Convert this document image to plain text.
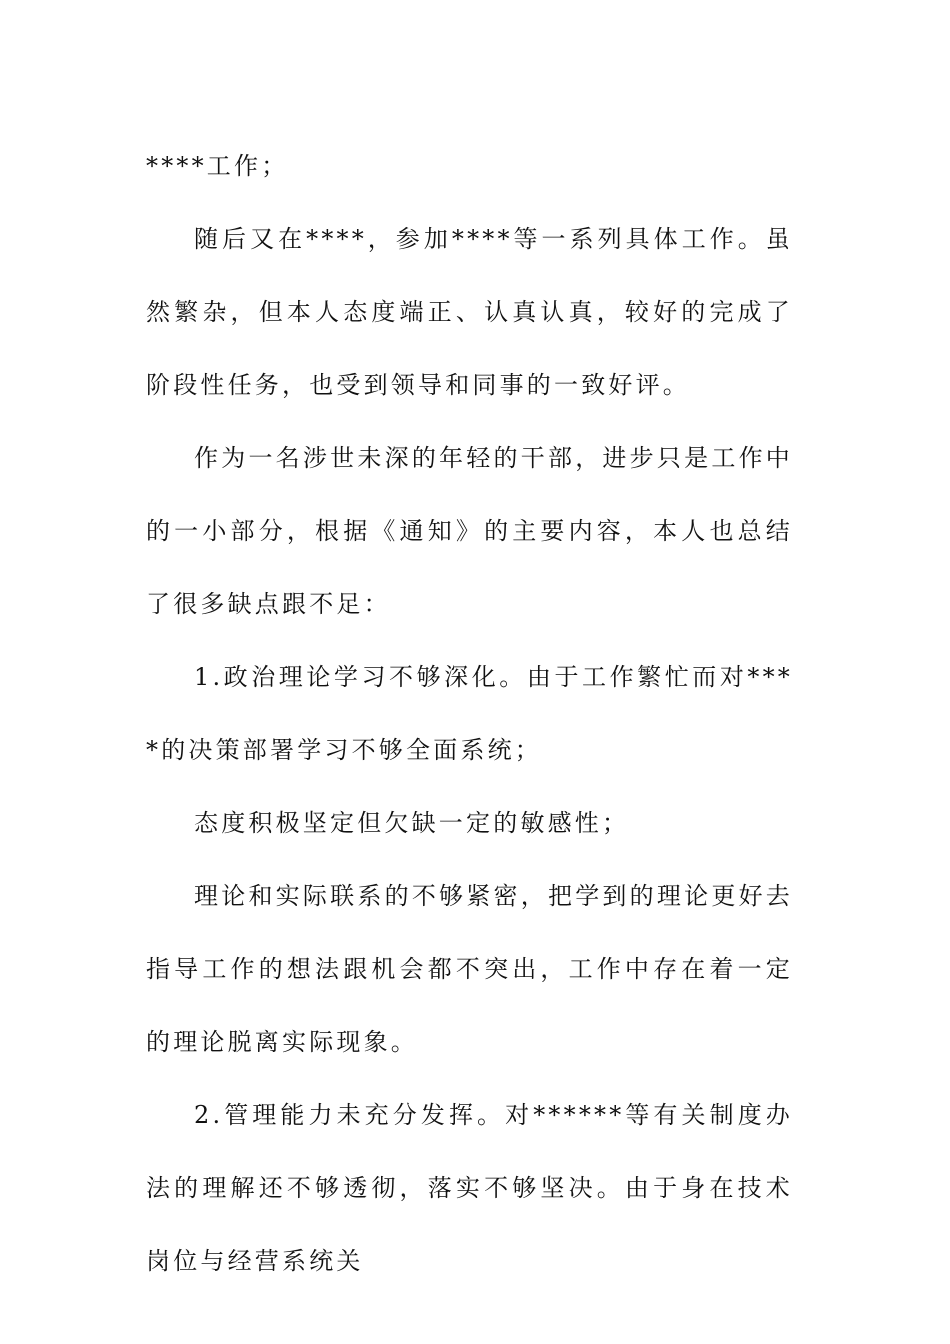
****工作；

随后又在****，参加****等一系列具体工作。虽然繁杂，但本人态度端正、认真认真，较好的完成了阶段性任务，也受到领导和同事的一致好评。

作为一名涉世未深的年轻的干部，进步只是工作中的一小部分，根据《通知》的主要内容，本人也总结了很多缺点跟不足：

1.政治理论学习不够深化。由于工作繁忙而对****的决策部署学习不够全面系统；

态度积极坚定但欠缺一定的敏感性；

理论和实际联系的不够紧密，把学到的理论更好去指导工作的想法跟机会都不突出，工作中存在着一定的理论脱离实际现象。

2.管理能力未充分发挥。对******等有关制度办法的理解还不够透彻，落实不够坚决。由于身在技术岗位与经营系统关
